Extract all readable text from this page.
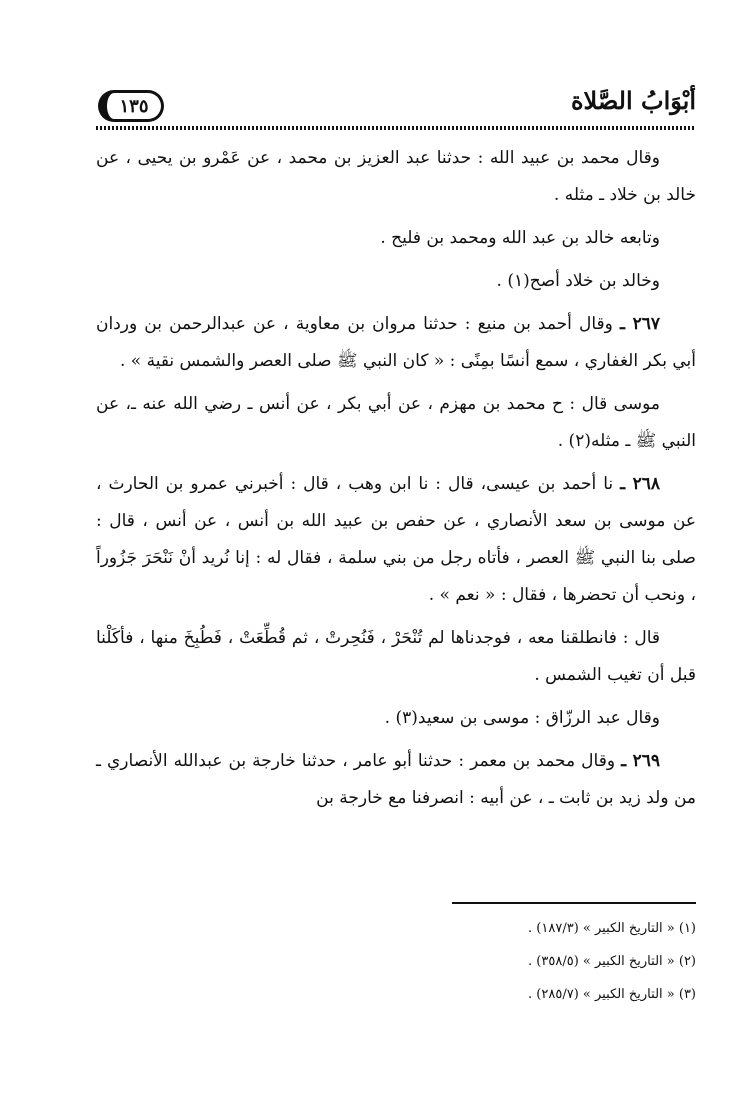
أبْوَابُ الصَّلاة
١٣٥

وقال محمد بن عبيد الله : حدثنا عبد العزيز بن محمد ، عن عَمْرو بن يحيى ، عن خالد بن خلاد ـ مثله .

وتابعه خالد بن عبد الله ومحمد بن فليح .

وخالد بن خلاد أصح(١) .

٢٦٧ ـ وقال أحمد بن منيع : حدثنا مروان بن معاوية ، عن عبدالرحمن بن وردان أبي بكر الغفاري ، سمع أنسًا بمِنًى : « كان النبي ﷺ صلى العصر والشمس نقية » .

موسى قال : ح محمد بن مهزم ، عن أبي بكر ، عن أنس ـ رضي الله عنه ـ، عن النبي ﷺ ـ مثله(٢) .

٢٦٨ ـ نا أحمد بن عيسى، قال : نا ابن وهب ، قال : أخبرني عمرو بن الحارث ، عن موسى بن سعد الأنصاري ، عن حفص بن عبيد الله بن أنس ، عن أنس ، قال : صلى بنا النبي ﷺ العصر ، فأتاه رجل من بني سلمة ، فقال له : إنا نُريد أنْ نَنْحَرَ جَزُوراً ، ونحب أن تحضرها ، فقال : « نعم » .

قال : فانطلقنا معه ، فوجدناها لم تُنْحَرْ ، فَنُحِرتْ ، ثم قُطِّعَتْ ، فَطُبِخَ منها ، فأكَلْنا قبل أن تغيب الشمس .

وقال عبد الرزّاق : موسى بن سعيد(٣) .

٢٦٩ ـ وقال محمد بن معمر : حدثنا أبو عامر ، حدثنا خارجة بن عبدالله الأنصاري ـ من ولد زيد بن ثابت ـ ، عن أبيه : انصرفنا مع خارجة بن

(١) « التاريخ الكبير » (١٨٧/٣) .
(٢) « التاريخ الكبير » (٣٥٨/٥) .
(٣) « التاريخ الكبير » (٢٨٥/٧) .
